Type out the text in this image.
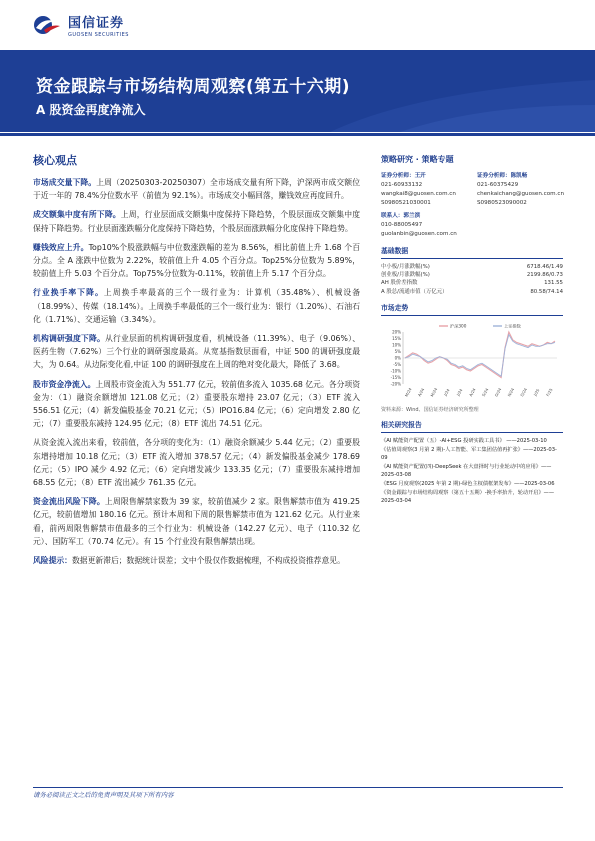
国信证券
GUOSEN SECURITIES
资金跟踪与市场结构周观察(第五十六期)
A 股资金再度净流入
核心观点

市场成交量下降。上周（20250303-20250307）全市场成交量有所下降，沪深两市成交额位于近一年的 78.4%分位数水平（前值为 92.1%）。市场成交小幅回落，赚钱效应再度回升。

成交额集中度有所下降。上周，行业层面成交额集中度保持下降趋势，个股层面成交额集中度保持下降趋势。行业层面涨跌幅分化度保持下降趋势，个股层面涨跌幅分化度保持下降趋势。

赚钱效应上升。Top10%个股涨跌幅与中位数涨跌幅的差为 8.56%，相比前值上升 1.68 个百分点。全 A 涨跌中位数为 2.22%，较前值上升 4.05 个百分点。Top25%分位数为 5.89%，较前值上升 5.03 个百分点。Top75%分位数为-0.11%，较前值上升 5.17 个百分点。

行业换手率下降。上周换手率最高的三个一级行业为：计算机（35.48%）、机械设备（18.99%）、传媒（18.14%）。上周换手率最低的三个一级行业为：银行（1.20%）、石油石化（1.71%）、交通运输（3.34%）。

机构调研强度下降。从行业层面的机构调研强度看，机械设备（11.39%）、电子（9.06%）、医药生物（7.62%）三个行业的调研强度最高。从宽基指数层面看，中证 500 的调研强度最大，为 0.64。从边际变化看,中证 100 的调研强度在上周的绝对变化最大，降低了 3.68。

股市资金净流入。上周股市资金流入为 551.77 亿元，较前值多流入 1035.68 亿元。各分项资金为：（1）融资余额增加 121.08 亿元；（2）重要股东增持 23.07 亿元；（3）ETF 流入 556.51 亿元；（4）新发偏股基金 70.21 亿元；（5）IPO16.84 亿元；（6）定向增发 2.80 亿元；（7）重要股东减持 124.95 亿元；（8）ETF 流出 74.51 亿元。

从资金流入流出来看，较前值，各分项的变化为：（1）融资余额减少 5.44 亿元；（2）重要股东增持增加 10.18 亿元；（3）ETF 流入增加 378.57 亿元；（4）新发偏股基金减少 178.69 亿元；（5）IPO 减少 4.92 亿元；（6）定向增发减少 133.35 亿元；（7）重要股东减持增加 68.55 亿元；（8）ETF 流出减少 761.35 亿元。

资金流出风险下降。上周限售解禁家数为 39 家，较前值减少 2 家。限售解禁市值为 419.25 亿元，较前值增加 180.16 亿元。预计本周和下周的限售解禁市值为 121.62 亿元。从行业来看，前两周限售解禁市值最多的三个行业为：机械设备（142.27 亿元）、电子（110.32 亿元）、国防军工（70.74 亿元）。有 15 个行业没有限售解禁出现。

风险提示：数据更新滞后；数据统计误差；文中个股仅作数据梳理，不构成投资推荐意见。

策略研究 · 策略专题
证券分析师：王开
021-60933132
wangkai8@guosen.com.cn
S0980521030001
证券分析师：陈凯畅
021-60375429
chenkaichang@guosen.com.cn
S0980523090002
联系人：郭兰滨
010-88005497
guolanbin@guosen.com.cn
基础数据
中小板/月涨跌幅(%)	6718.46/1.49
创业板/月涨跌幅(%)	2199.86/0.73
AH 股价差指数	131.55
A 股总/流通市值（万亿元）	80.58/74.14
市场走势
20%
15%
10%
5%
0%
-5%
-10%
-15%
-20%
M/24 A/24 M/24 J/24 J/24 A/24 S/24 O/24 N/24 D/24 J/25 F/25
沪深300	上证指数
资料来源：Wind、国信证券经济研究所整理
相关研究报告
《AI 赋能资产配置（五）-AI+ESG 投研实践工具书》 ——2025-03-10
《估值周观察(3 月第 2 期)-人工智能、军工集团估值再扩张》——2025-03-09
《AI 赋能资产配置(四)-DeepSeek 在大盘择时与行业轮动中的应用》——2025-03-08
《ESG 月度观察(2025 年第 2 期)-绿色主权债框架发布》——2025-03-06
《资金跟踪与市场结构周观察（第五十五期）-换手率抬升，轮动开启》——2025-03-04
请务必阅读正文之后的免责声明及其项下所有内容
